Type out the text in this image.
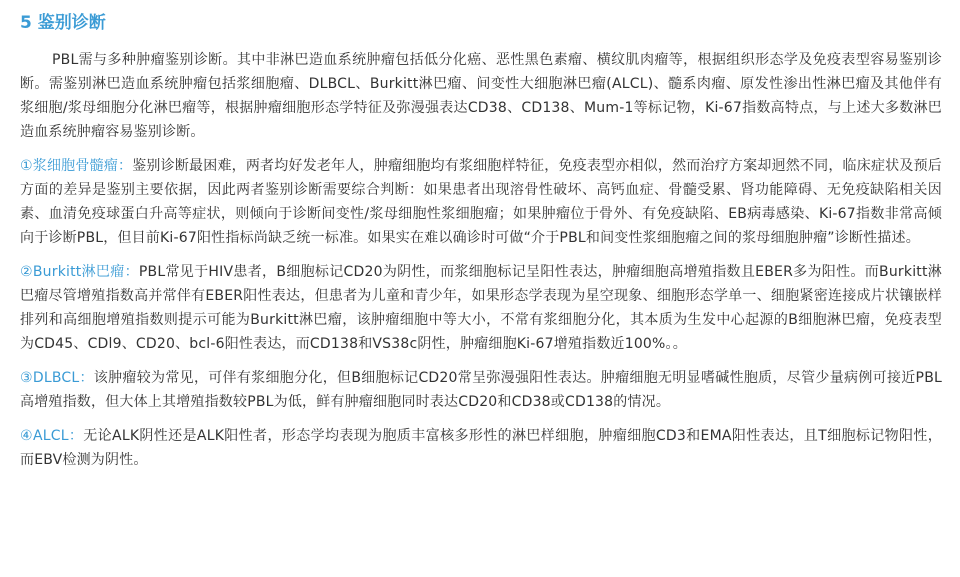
5 鉴别诊断

PBL需与多种肿瘤鉴别诊断。其中非淋巴造血系统肿瘤包括低分化癌、恶性黑色素瘤、横纹肌肉瘤等，根据组织形态学及免疫表型容易鉴别诊断。需鉴别淋巴造血系统肿瘤包括浆细胞瘤、DLBCL、Burkitt淋巴瘤、间变性大细胞淋巴瘤(ALCL)、髓系肉瘤、原发性渗出性淋巴瘤及其他伴有浆细胞/浆母细胞分化淋巴瘤等，根据肿瘤细胞形态学特征及弥漫强表达CD38、CD138、Mum-1等标记物，Ki-67指数高特点，与上述大多数淋巴造血系统肿瘤容易鉴别诊断。

①浆细胞骨髓瘤：鉴别诊断最困难，两者均好发老年人，肿瘤细胞均有浆细胞样特征，免疫表型亦相似，然而治疗方案却迥然不同，临床症状及预后方面的差异是鉴别主要依据，因此两者鉴别诊断需要综合判断：如果患者出现溶骨性破坏、高钙血症、骨髓受累、肾功能障碍、无免疫缺陷相关因素、血清免疫球蛋白升高等症状，则倾向于诊断间变性/浆母细胞性浆细胞瘤；如果肿瘤位于骨外、有免疫缺陷、EB病毒感染、Ki-67指数非常高倾向于诊断PBL，但目前Ki-67阳性指标尚缺乏统一标准。如果实在难以确诊时可做“介于PBL和间变性浆细胞瘤之间的浆母细胞肿瘤”诊断性描述。

②Burkitt淋巴瘤：PBL常见于HIV患者，B细胞标记CD20为阴性，而浆细胞标记呈阳性表达，肿瘤细胞高增殖指数且EBER多为阳性。而Burkitt淋巴瘤尽管增殖指数高并常伴有EBER阳性表达，但患者为儿童和青少年，如果形态学表现为星空现象、细胞形态学单一、细胞紧密连接成片状镶嵌样排列和高细胞增殖指数则提示可能为Burkitt淋巴瘤，该肿瘤细胞中等大小，不常有浆细胞分化，其本质为生发中心起源的B细胞淋巴瘤，免疫表型为CD45、CDl9、CD20、bcl-6阳性表达，而CD138和VS38c阴性，肿瘤细胞Ki-67增殖指数近100%。。

③DLBCL：该肿瘤较为常见，可伴有浆细胞分化，但B细胞标记CD20常呈弥漫强阳性表达。肿瘤细胞无明显嗜碱性胞质，尽管少量病例可接近PBL高增殖指数，但大体上其增殖指数较PBL为低，鲜有肿瘤细胞同时表达CD20和CD38或CD138的情况。

④ALCL：无论ALK阴性还是ALK阳性者，形态学均表现为胞质丰富核多形性的淋巴样细胞，肿瘤细胞CD3和EMA阳性表达，且T细胞标记物阳性，而EBV检测为阴性。
